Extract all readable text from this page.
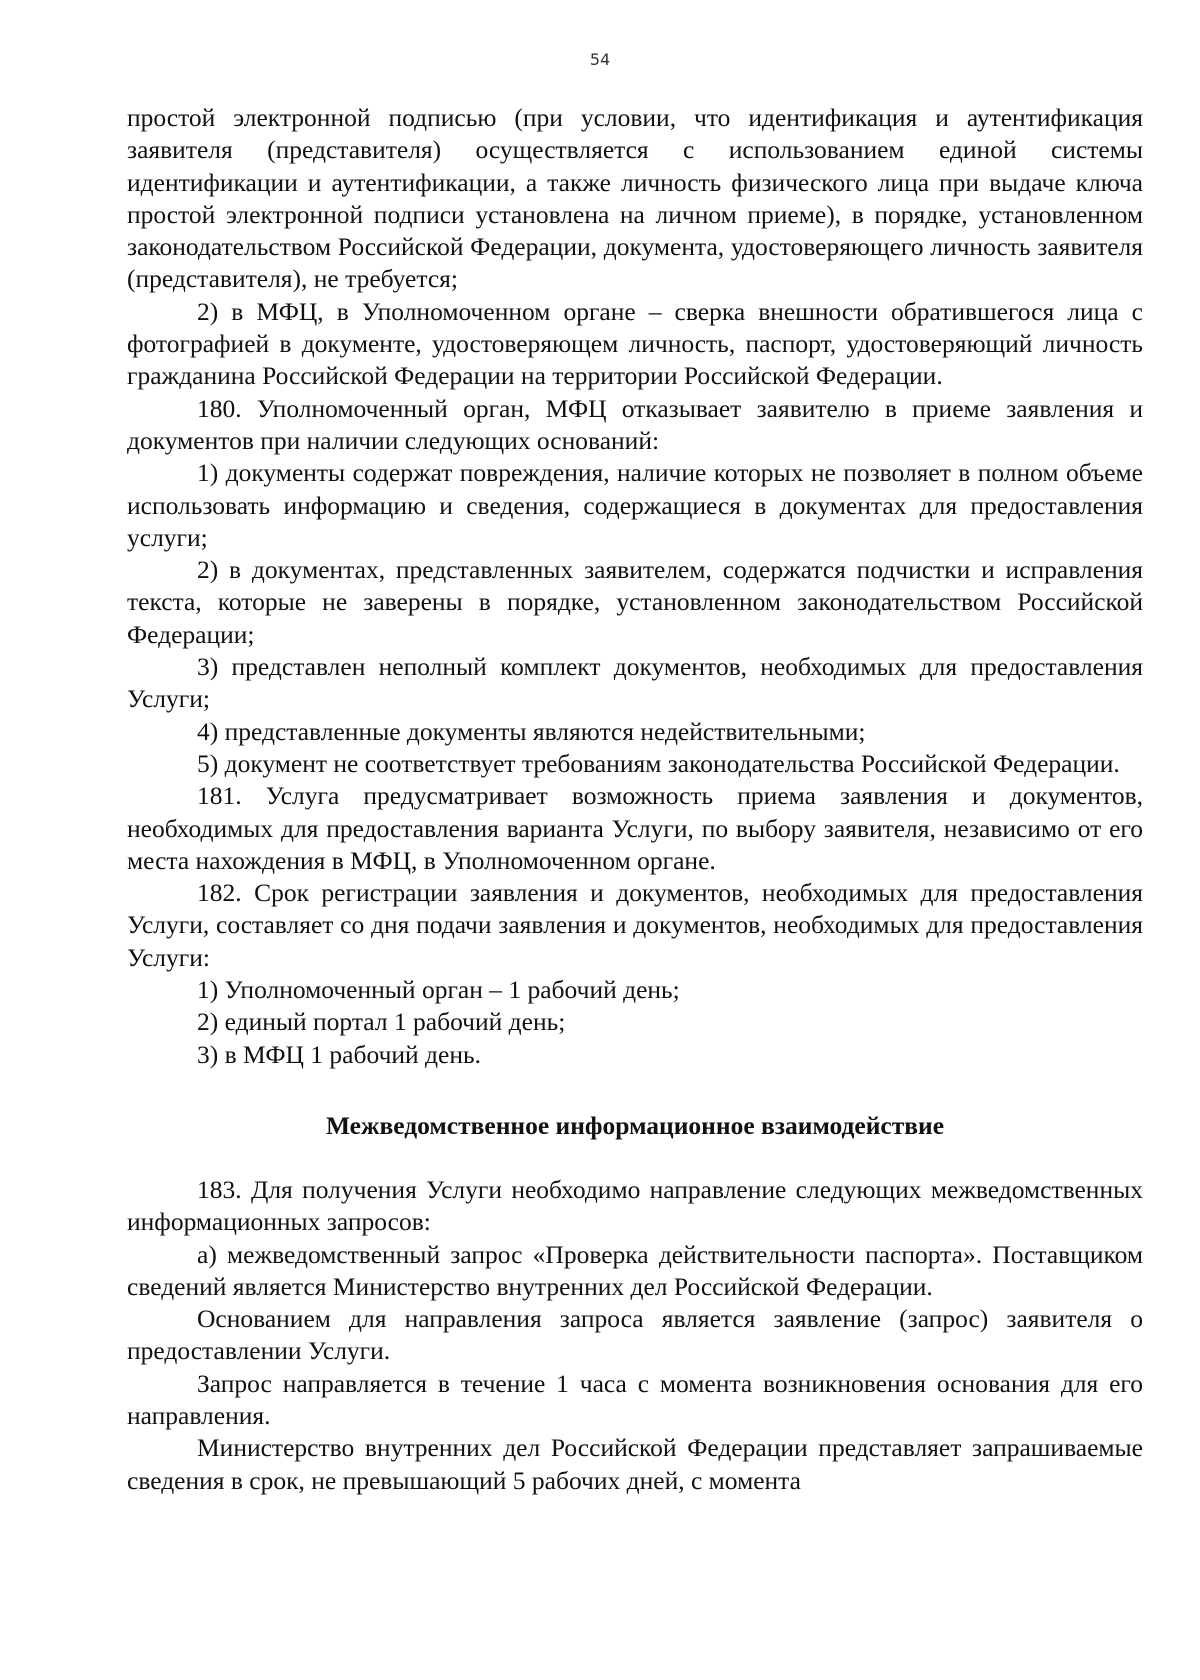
54

простой электронной подписью (при условии, что идентификация и аутентификация заявителя (представителя) осуществляется с использованием единой системы идентификации и аутентификации, а также личность физического лица при выдаче ключа простой электронной подписи установлена на личном приеме), в порядке, установленном законодательством Российской Федерации, документа, удостоверяющего личность заявителя (представителя), не требуется;

2) в МФЦ, в Уполномоченном органе – сверка внешности обратившегося лица с фотографией в документе, удостоверяющем личность, паспорт, удостоверяющий личность гражданина Российской Федерации на территории Российской Федерации.

180. Уполномоченный орган, МФЦ отказывает заявителю в приеме заявления и документов при наличии следующих оснований:

1) документы содержат повреждения, наличие которых не позволяет в полном объеме использовать информацию и сведения, содержащиеся в документах для предоставления услуги;

2) в документах, представленных заявителем, содержатся подчистки и исправления текста, которые не заверены в порядке, установленном законодательством Российской Федерации;

3) представлен неполный комплект документов, необходимых для предоставления Услуги;

4) представленные документы являются недействительными;

5) документ не соответствует требованиям законодательства Российской Федерации.

181. Услуга предусматривает возможность приема заявления и документов, необходимых для предоставления варианта Услуги, по выбору заявителя, независимо от его места нахождения в МФЦ, в Уполномоченном органе.

182. Срок регистрации заявления и документов, необходимых для предоставления Услуги, составляет со дня подачи заявления и документов, необходимых для предоставления Услуги:

1) Уполномоченный орган – 1 рабочий день;

2) единый портал 1 рабочий день;

3) в МФЦ 1 рабочий день.

Межведомственное информационное взаимодействие

183. Для получения Услуги необходимо направление следующих межведомственных информационных запросов:

а) межведомственный запрос «Проверка действительности паспорта». Поставщиком сведений является Министерство внутренних дел Российской Федерации.

Основанием для направления запроса является заявление (запрос) заявителя о предоставлении Услуги.

Запрос направляется в течение 1 часа с момента возникновения основания для его направления.

Министерство внутренних дел Российской Федерации представляет запрашиваемые сведения в срок, не превышающий 5 рабочих дней, с момента
